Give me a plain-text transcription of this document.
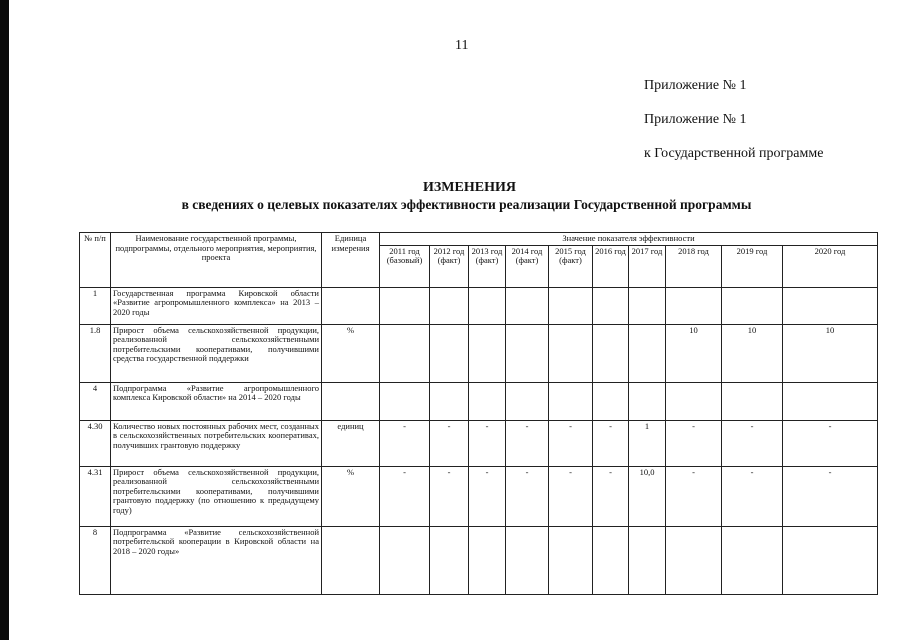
11
Приложение № 1
Приложение № 1
к Государственной программе
ИЗМЕНЕНИЯ
в сведениях о целевых показателях эффективности реализации Государственной программы
№ п/п	Наименование государственной программы, подпрограммы, отдельного мероприятия, мероприятия, проекта	Единица измерения	Значение показателя эффективности									
			2011 год (базовый)	2012 год (факт)	2013 год (факт)	2014 год (факт)	2015 год (факт)	2016 год	2017 год	2018 год	2019 год	2020 год
1	Государственная программа Кировской области «Развитие агропромышленного комплекса» на 2013 – 2020 годы											
1.8	Прирост объема сельскохозяйственной продукции, реализованной сельскохозяйственными потребительскими кооперативами, получившими средства государственной поддержки	%								10	10	10
4	Подпрограмма «Развитие агропромышленного комплекса Кировской области» на 2014 – 2020 годы											
4.30	Количество новых постоянных рабочих мест, созданных в сельскохозяйственных потребительских кооперативах, получивших грантовую поддержку	единиц	-	-	-	-	-	-	1	-	-	-
4.31	Прирост объема сельскохозяйственной продукции, реализованной сельскохозяйственными потребительскими кооперативами, получившими грантовую поддержку (по отношению к предыдущему году)	%	-	-	-	-	-	-	10,0	-	-	-
8	Подпрограмма «Развитие сельскохозяйственной потребительской кооперации в Кировской области на 2018 – 2020 годы»											
